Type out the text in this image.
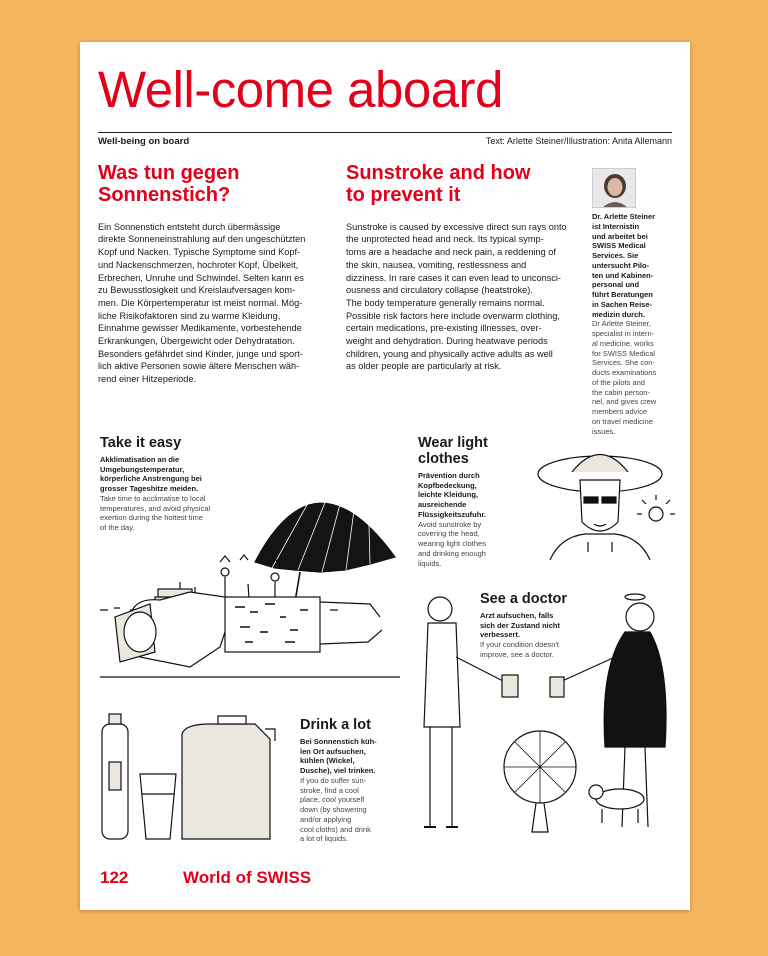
Well-come aboard
Well-being on board	Text: Arlette Steiner/Illustration: Anita Allemann
Was tun gegen
Sonnenstich?
Ein Sonnenstich entsteht durch übermässige
direkte Sonneneinstrahlung auf den ungeschützten
Kopf und Nacken. Typische Symptome sind Kopf-
und Nackenschmerzen, hochroter Kopf, Übelkeit,
Erbrechen, Unruhe und Schwindel. Selten kann es
zu Bewusstlosigkeit und Kreislaufversagen kom-
men. Die Körpertemperatur ist meist normal. Mög-
liche Risikofaktoren sind zu warme Kleidung,
Einnahme gewisser Medikamente, vorbestehende
Erkrankungen, Übergewicht oder Dehydratation.
Besonders gefährdet sind Kinder, junge und sport-
lich aktive Personen sowie ältere Menschen wäh-
rend einer Hitzeperiode.
Sunstroke and how
to prevent it
Sunstroke is caused by excessive direct sun rays onto
the unprotected head and neck. Its typical symp-
toms are a headache and neck pain, a reddening of
the skin, nausea, vomiting, restlessness and
dizziness. In rare cases it can even lead to unconsci-
ousness and circulatory collapse (heatstroke).
The body temperature generally remains normal.
Possible risk factors here include overwarm clothing,
certain medications, pre-existing illnesses, over-
weight and dehydration. During heatwave periods
children, young and physically active adults as well
as older people are particularly at risk.
Dr. Arlette Steiner
ist Internistin
und arbeitet bei
SWISS Medical
Services. Sie
untersucht Pilo-
ten und Kabinen-
personal und
führt Beratungen
in Sachen Reise-
medizin durch.
Dr Arlette Steiner,
specialist in intern-
al medicine, works
for SWISS Medical
Services. She con-
ducts examinations
of the pilots and
the cabin person-
nel, and gives crew
members advice
on travel medicine
issues.
Take it easy
Akklimatisation an die
Umgebungstemperatur,
körperliche Anstrengung bei
grosser Tageshitze meiden.
Take time to acclimatise to local
temperatures, and avoid physical
exertion during the hottest time
of the day.
Wear light
clothes
Prävention durch
Kopfbedeckung,
leichte Kleidung,
ausreichende
Flüssigkeitszufuhr.
Avoid sunstroke by
covering the head,
wearing light clothes
and drinking enough
liquids.
See a doctor
Arzt aufsuchen, falls
sich der Zustand nicht
verbessert.
If your condition doesn't
improve, see a doctor.
Drink a lot
Bei Sonnenstich küh-
len Ort aufsuchen,
kühlen (Wickel,
Dusche), viel trinken.
If you do suffer sun-
stroke, find a cool
place, cool yourself
down (by showering
and/or applying
cool cloths) and drink
a lot of liquids.
122	World of SWISS
